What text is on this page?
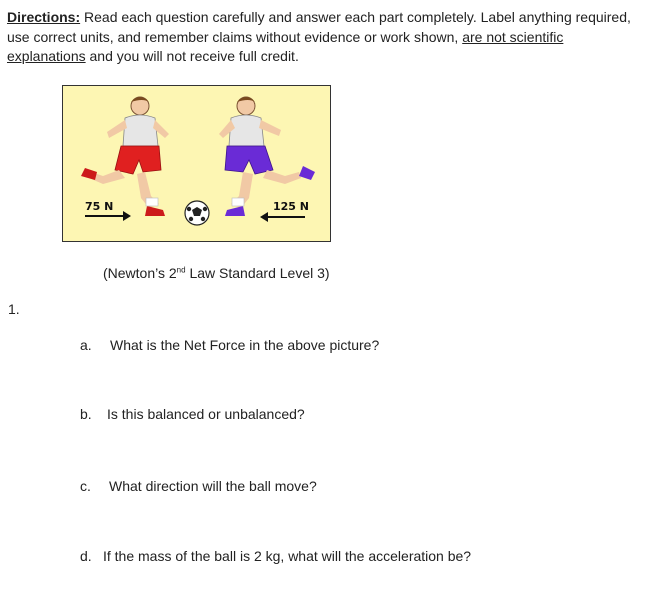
Directions: Read each question carefully and answer each part completely. Label anything required, use correct units, and remember claims without evidence or work shown, are not scientific explanations and you will not receive full credit.
75 N	125 N
(Newton’s 2nd Law Standard Level 3)
1.
a. What is the Net Force in the above picture?
b. Is this balanced or unbalanced?
c. What direction will the ball move?
d. If the mass of the ball is 2 kg, what will the acceleration be?
